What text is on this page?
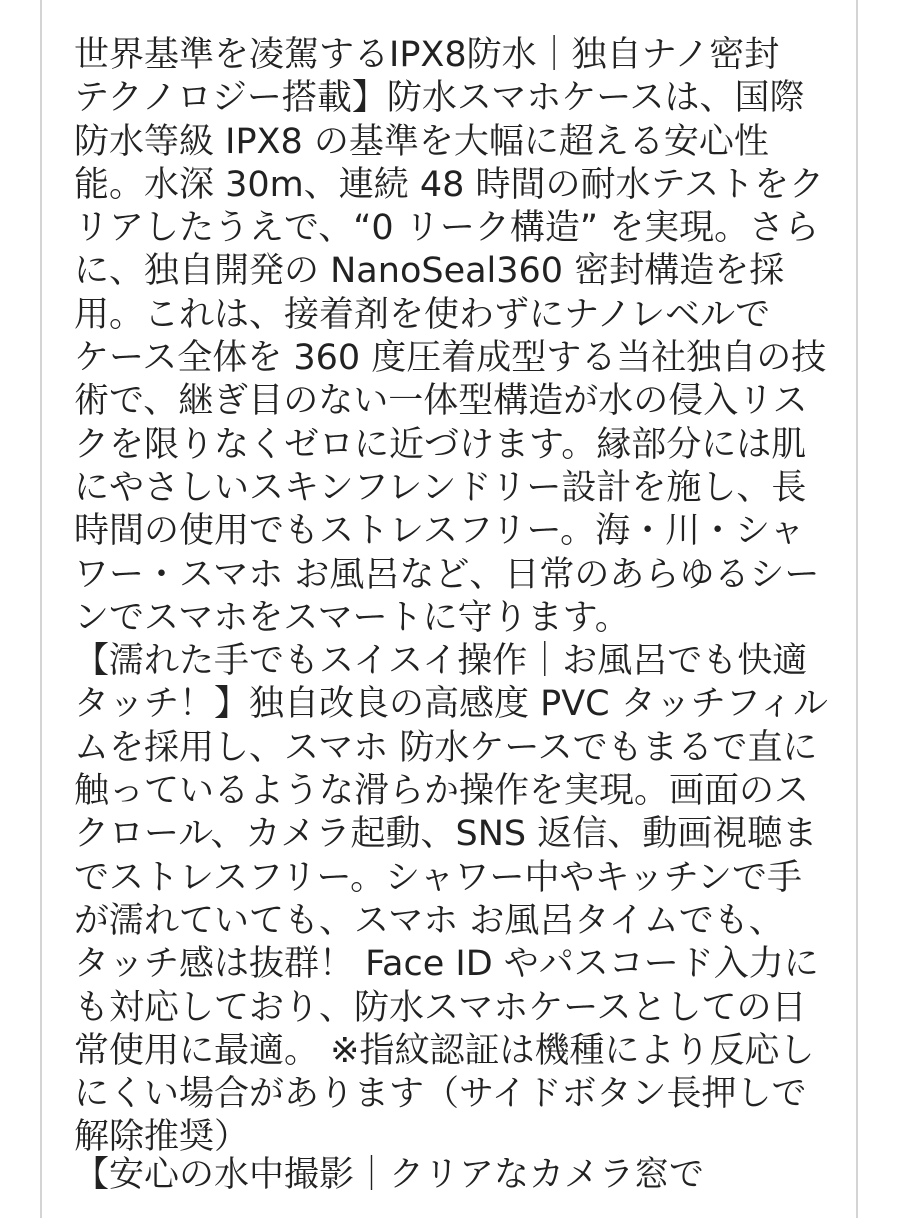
世界基準を凌駕するIPX8防水｜独自ナノ密封
テクノロジー搭載】防水スマホケースは、国際
防水等級 IPX8 の基準を大幅に超える安心性
能。水深 30m、連続 48 時間の耐水テストをク
リアしたうえで、“0 リーク構造” を実現。さら
に、独自開発の NanoSeal360 密封構造を採
用。これは、接着剤を使わずにナノレベルで
ケース全体を 360 度圧着成型する当社独自の技
術で、継ぎ目のない一体型構造が水の侵入リス
クを限りなくゼロに近づけます。縁部分には肌
にやさしいスキンフレンドリー設計を施し、長
時間の使用でもストレスフリー。海・川・シャ
ワー・スマホ お風呂など、日常のあらゆるシー
ンでスマホをスマートに守ります。
【濡れた手でもスイスイ操作｜お風呂でも快適
タッチ！】独自改良の高感度 PVC タッチフィル
ムを採用し、スマホ 防水ケースでもまるで直に
触っているような滑らか操作を実現。画面のス
クロール、カメラ起動、SNS 返信、動画視聴ま
でストレスフリー。シャワー中やキッチンで手
が濡れていても、スマホ お風呂タイムでも、
タッチ感は抜群！ Face ID やパスコード入力に
も対応しており、防水スマホケースとしての日
常使用に最適。 ※指紋認証は機種により反応し
にくい場合があります（サイドボタン長押しで
解除推奨）
【安心の水中撮影｜クリアなカメラ窓で
